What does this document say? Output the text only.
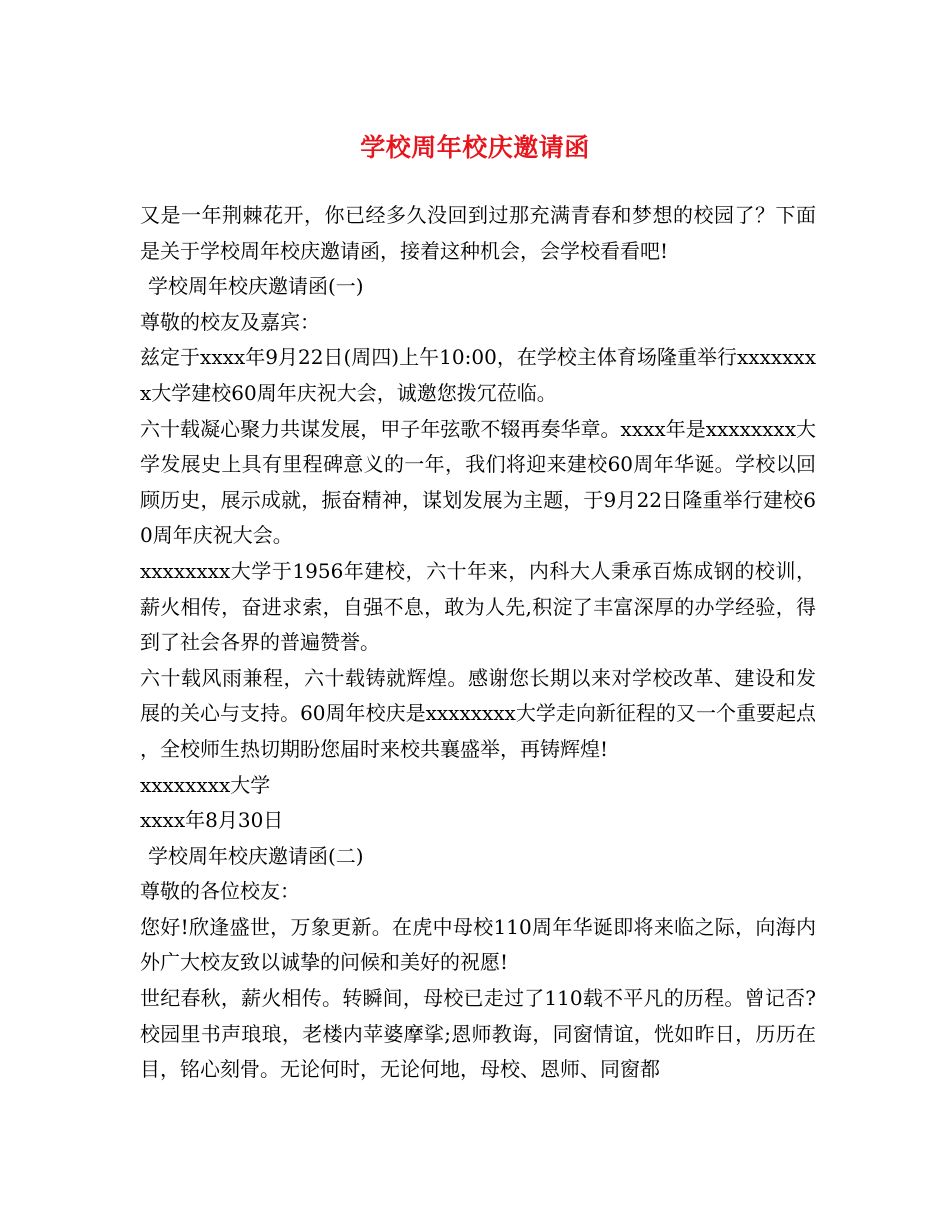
学校周年校庆邀请函

又是一年荆棘花开，你已经多久没回到过那充满青春和梦想的校园了？下面是关于学校周年校庆邀请函，接着这种机会，会学校看看吧!

学校周年校庆邀请函(一)

尊敬的校友及嘉宾：

兹定于xxxx年9月22日(周四)上午10:00，在学校主体育场隆重举行xxxxxxxx大学建校60周年庆祝大会，诚邀您拨冗莅临。

六十载凝心聚力共谋发展，甲子年弦歌不辍再奏华章。xxxx年是xxxxxxxx大学发展史上具有里程碑意义的一年，我们将迎来建校60周年华诞。学校以回顾历史，展示成就，振奋精神，谋划发展为主题，于9月22日隆重举行建校60周年庆祝大会。

xxxxxxxx大学于1956年建校，六十年来，内科大人秉承百炼成钢的校训，薪火相传，奋进求索，自强不息，敢为人先,积淀了丰富深厚的办学经验，得到了社会各界的普遍赞誉。

六十载风雨兼程，六十载铸就辉煌。感谢您长期以来对学校改革、建设和发展的关心与支持。60周年校庆是xxxxxxxx大学走向新征程的又一个重要起点，全校师生热切期盼您届时来校共襄盛举，再铸辉煌!

xxxxxxxx大学

xxxx年8月30日

学校周年校庆邀请函(二)

尊敬的各位校友：

您好!欣逢盛世，万象更新。在虎中母校110周年华诞即将来临之际，向海内外广大校友致以诚挚的问候和美好的祝愿!

世纪春秋，薪火相传。转瞬间，母校已走过了110载不平凡的历程。曾记否?校园里书声琅琅，老楼内苹婆摩挲;恩师教诲，同窗情谊，恍如昨日，历历在目，铭心刻骨。无论何时，无论何地，母校、恩师、同窗都
